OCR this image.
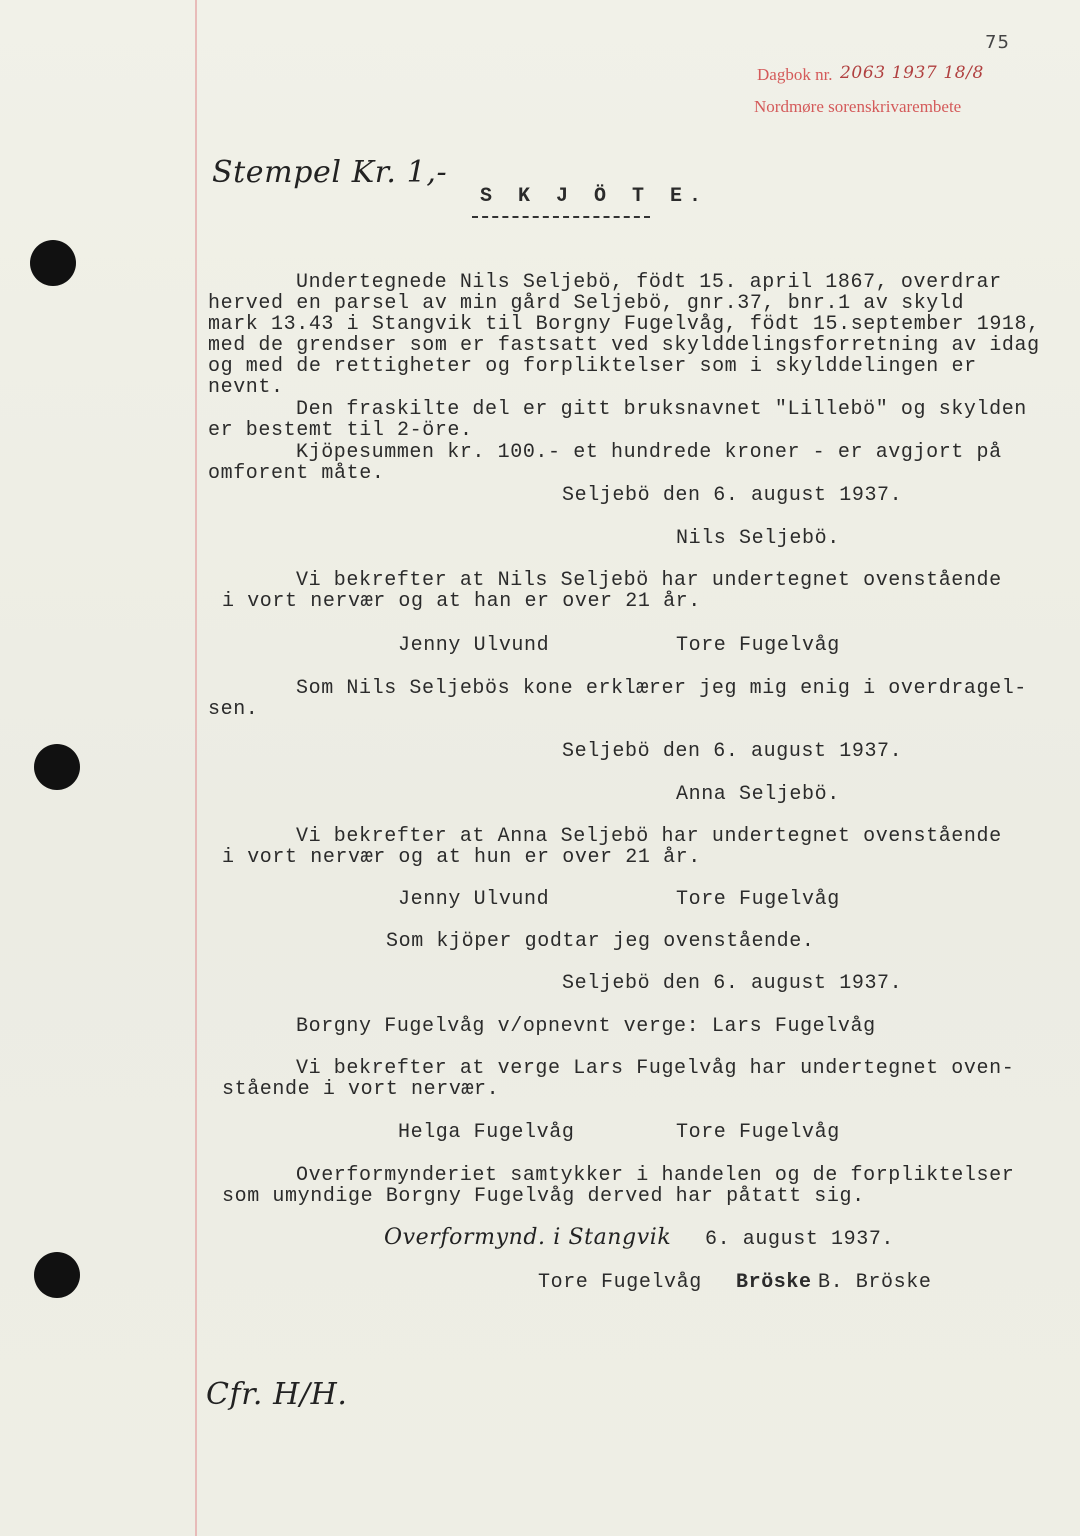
75
Dagbok nr. 2063 1937 18/8
Nordmøre sorenskrivarembete
Stempel Kr. 1,-
S K J Ö T E.
Undertegnede Nils Seljebö, födt 15. april 1867, overdrar
herved en parsel av min gård Seljebö, gnr.37, bnr.1 av skyld
mark 13.43 i Stangvik til Borgny Fugelvåg, födt 15.september 1918,
med de grendser som er fastsatt ved skylddelingsforretning av idag
og med de rettigheter og forpliktelser som i skylddelingen er
nevnt.
Den fraskilte del er gitt bruksnavnet "Lillebö" og skylden
er bestemt til 2-öre.
Kjöpesummen kr. 100.- et hundrede kroner - er avgjort på
omforent måte.
Seljebö den 6. august 1937.
Nils Seljebö.
Vi bekrefter at Nils Seljebö har undertegnet ovenstående
i vort nervær og at han er over 21 år.
Jenny Ulvund	Tore Fugelvåg
Som Nils Seljebös kone erklærer jeg mig enig i overdragel-
sen.
Seljebö den 6. august 1937.
Anna Seljebö.
Vi bekrefter at Anna Seljebö har undertegnet ovenstående
i vort nervær og at hun er over 21 år.
Jenny Ulvund	Tore Fugelvåg
Som kjöper godtar jeg ovenstående.
Seljebö den 6. august 1937.
Borgny Fugelvåg v/opnevnt verge: Lars Fugelvåg
Vi bekrefter at verge Lars Fugelvåg har undertegnet oven-
stående i vort nervær.
Helga Fugelvåg	Tore Fugelvåg
Overformynderiet samtykker i handelen og de forpliktelser
som umyndige Borgny Fugelvåg derved har påtatt sig.
Overformynd. i Stangvik 6. august 1937.
Tore Fugelvåg Bröske B. Bröske
Cfr. H/H.
